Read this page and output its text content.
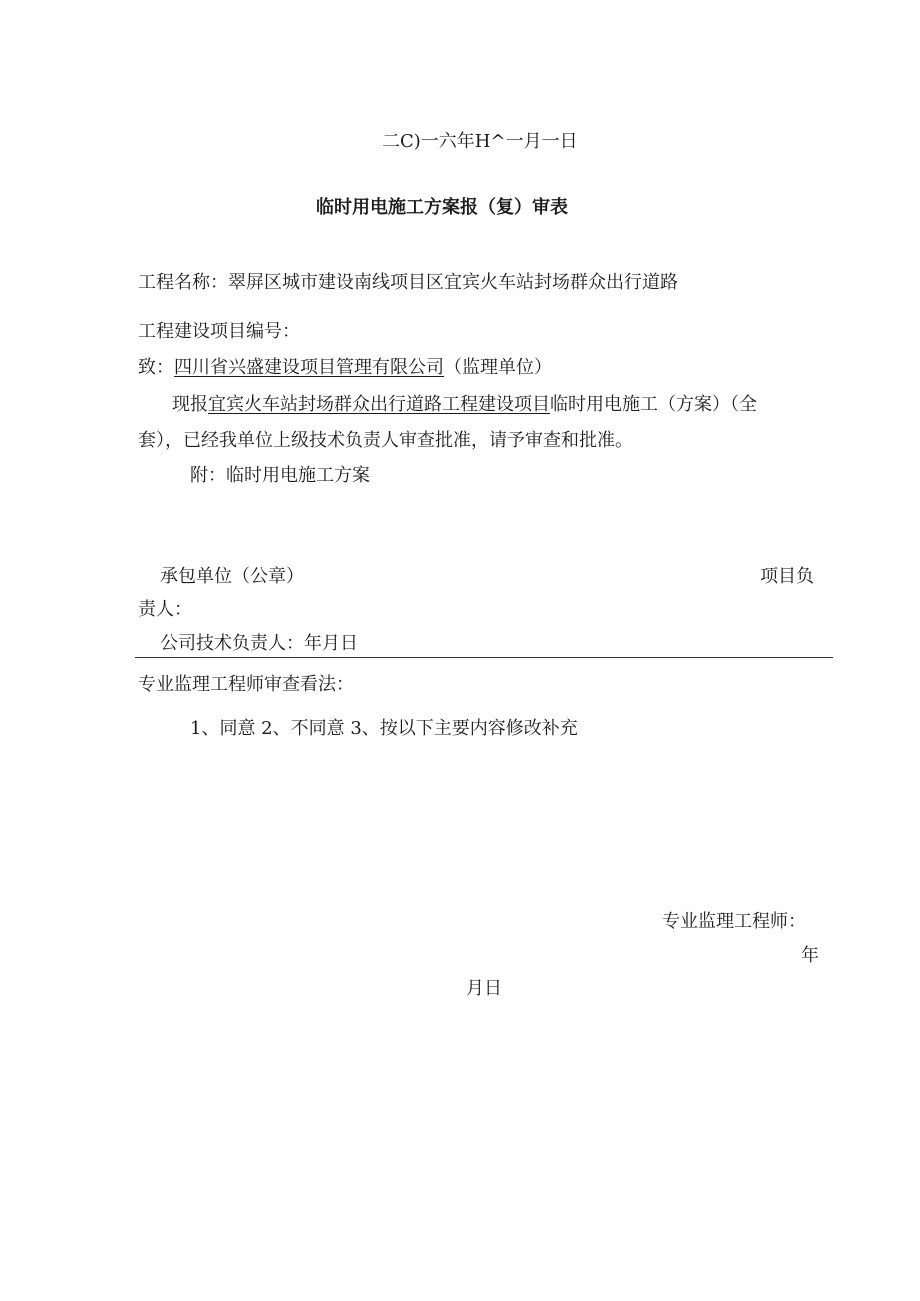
二C)一六年H^一月一日
临时用电施工方案报（复）审表
工程名称：翠屏区城市建设南线项目区宜宾火车站封场群众出行道路
工程建设项目编号：
致：四川省兴盛建设项目管理有限公司（监理单位）
现报宜宾火车站封场群众出行道路工程建设项目临时用电施工（方案）（全
套），已经我单位上级技术负责人审查批准，请予审查和批准。
附：临时用电施工方案
承包单位（公章）	项目负
责人：
公司技术负责人：年月日
专业监理工程师审查看法：
1、同意 2、不同意 3、按以下主要内容修改补充
专业监理工程师：
年
月日
